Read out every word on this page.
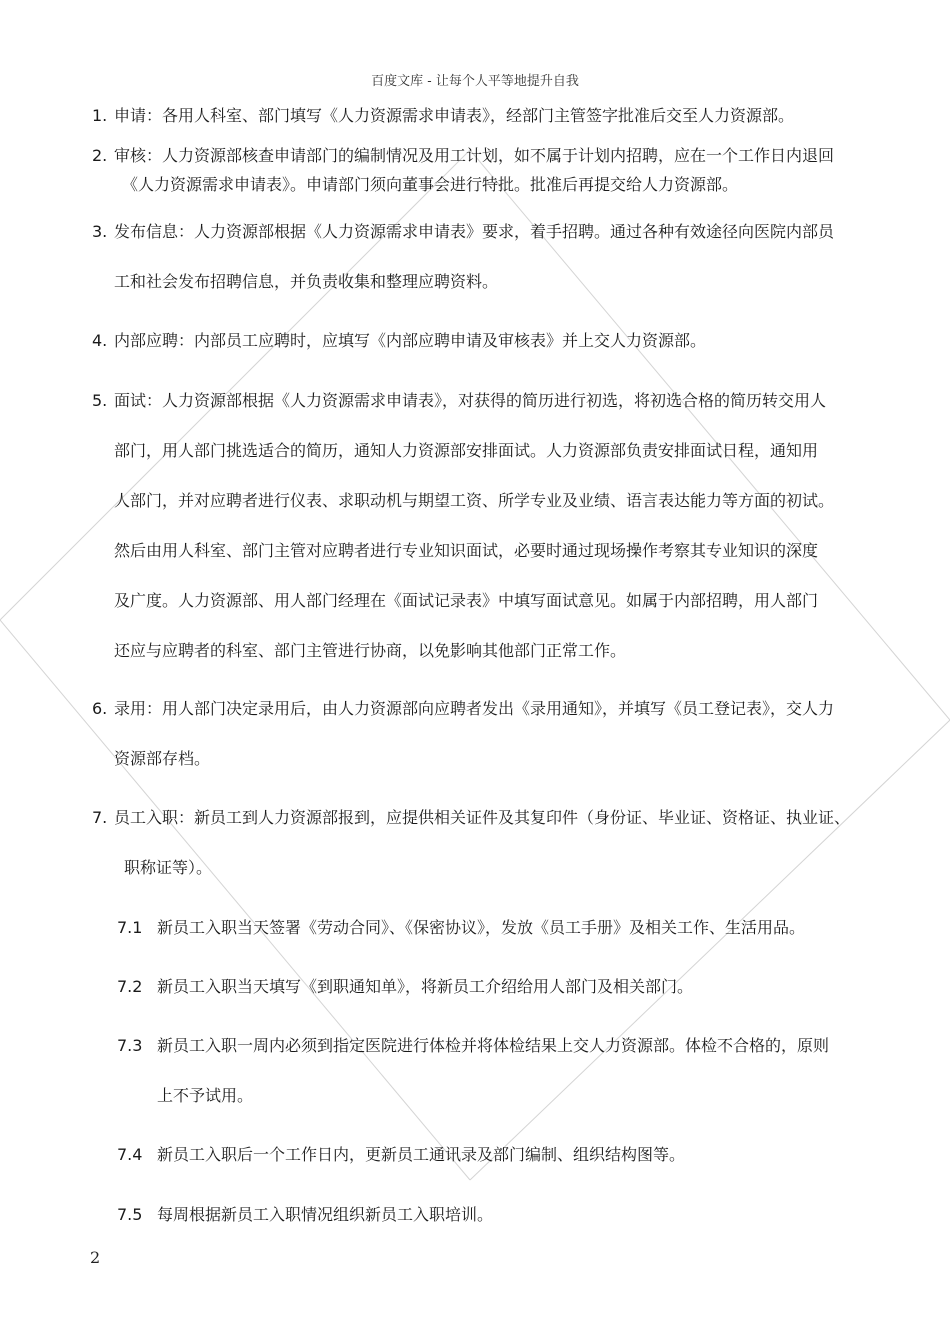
百度文库 - 让每个人平等地提升自我
1. 申请：各用人科室、部门填写《人力资源需求申请表》，经部门主管签字批准后交至人力资源部。
2. 审核：人力资源部核查申请部门的编制情况及用工计划，如不属于计划内招聘，应在一个工作日内退回
《人力资源需求申请表》。申请部门须向董事会进行特批。批准后再提交给人力资源部。
3. 发布信息：人力资源部根据《人力资源需求申请表》要求，着手招聘。通过各种有效途径向医院内部员
工和社会发布招聘信息，并负责收集和整理应聘资料。
4. 内部应聘：内部员工应聘时，应填写《内部应聘申请及审核表》并上交人力资源部。
5. 面试：人力资源部根据《人力资源需求申请表》，对获得的简历进行初选，将初选合格的简历转交用人
部门，用人部门挑选适合的简历，通知人力资源部安排面试。人力资源部负责安排面试日程，通知用
人部门，并对应聘者进行仪表、求职动机与期望工资、所学专业及业绩、语言表达能力等方面的初试。
然后由用人科室、部门主管对应聘者进行专业知识面试，必要时通过现场操作考察其专业知识的深度
及广度。人力资源部、用人部门经理在《面试记录表》中填写面试意见。如属于内部招聘，用人部门
还应与应聘者的科室、部门主管进行协商，以免影响其他部门正常工作。
6. 录用：用人部门决定录用后，由人力资源部向应聘者发出《录用通知》，并填写《员工登记表》，交人力
资源部存档。
7. 员工入职：新员工到人力资源部报到，应提供相关证件及其复印件（身份证、毕业证、资格证、执业证、
职称证等）。
7.1 新员工入职当天签署《劳动合同》、《保密协议》，发放《员工手册》及相关工作、生活用品。
7.2 新员工入职当天填写《到职通知单》，将新员工介绍给用人部门及相关部门。
7.3 新员工入职一周内必须到指定医院进行体检并将体检结果上交人力资源部。体检不合格的，原则
上不予试用。
7.4 新员工入职后一个工作日内，更新员工通讯录及部门编制、组织结构图等。
7.5 每周根据新员工入职情况组织新员工入职培训。
2
